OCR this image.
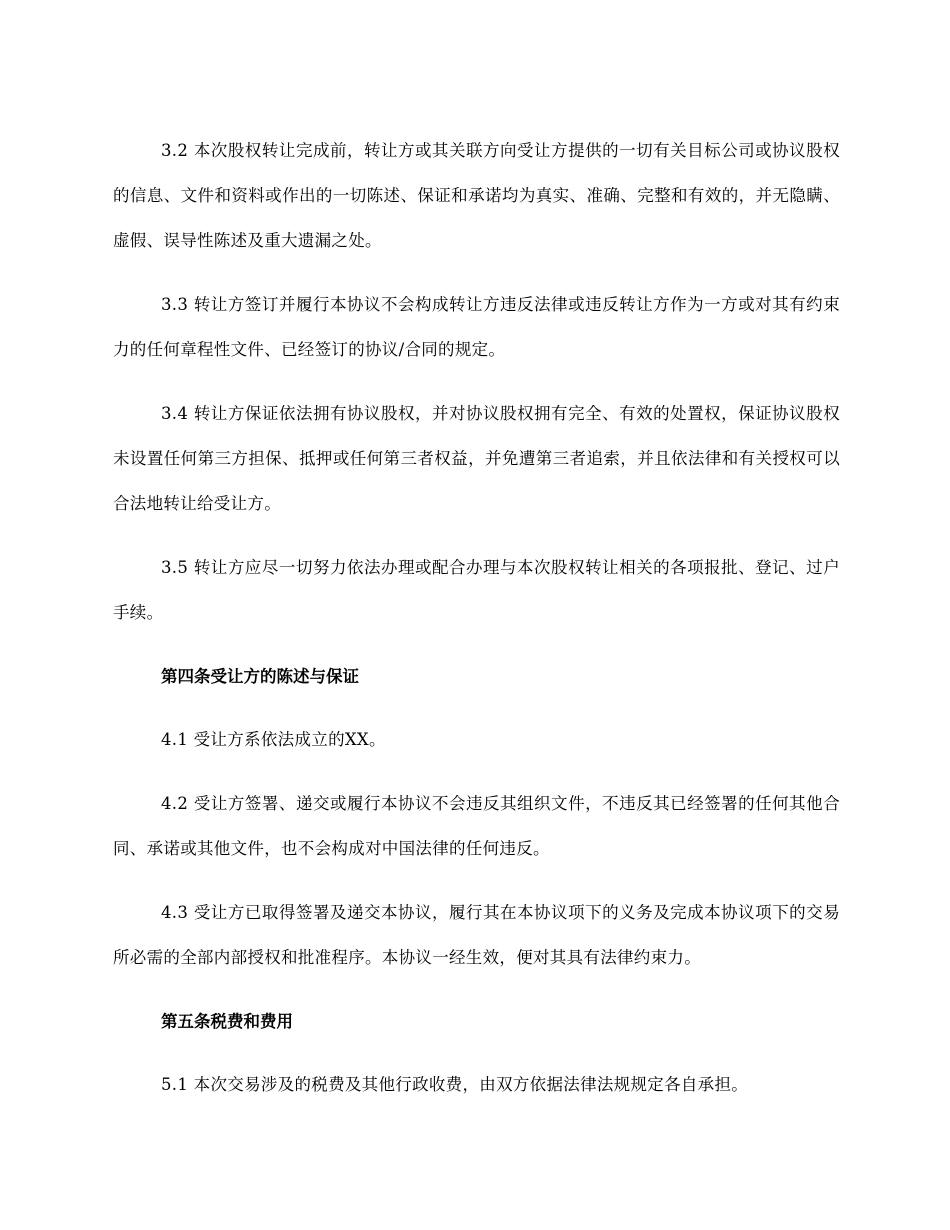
3.2 本次股权转让完成前，转让方或其关联方向受让方提供的一切有关目标公司或协议股权的信息、文件和资料或作出的一切陈述、保证和承诺均为真实、准确、完整和有效的，并无隐瞒、虚假、误导性陈述及重大遗漏之处。

3.3 转让方签订并履行本协议不会构成转让方违反法律或违反转让方作为一方或对其有约束力的任何章程性文件、已经签订的协议/合同的规定。

3.4 转让方保证依法拥有协议股权，并对协议股权拥有完全、有效的处置权，保证协议股权未设置任何第三方担保、抵押或任何第三者权益，并免遭第三者追索，并且依法律和有关授权可以合法地转让给受让方。

3.5 转让方应尽一切努力依法办理或配合办理与本次股权转让相关的各项报批、登记、过户手续。

第四条受让方的陈述与保证

4.1 受让方系依法成立的XX。

4.2 受让方签署、递交或履行本协议不会违反其组织文件，不违反其已经签署的任何其他合同、承诺或其他文件，也不会构成对中国法律的任何违反。

4.3 受让方已取得签署及递交本协议，履行其在本协议项下的义务及完成本协议项下的交易所必需的全部内部授权和批准程序。本协议一经生效，便对其具有法律约束力。

第五条税费和费用

5.1 本次交易涉及的税费及其他行政收费，由双方依据法律法规规定各自承担。
